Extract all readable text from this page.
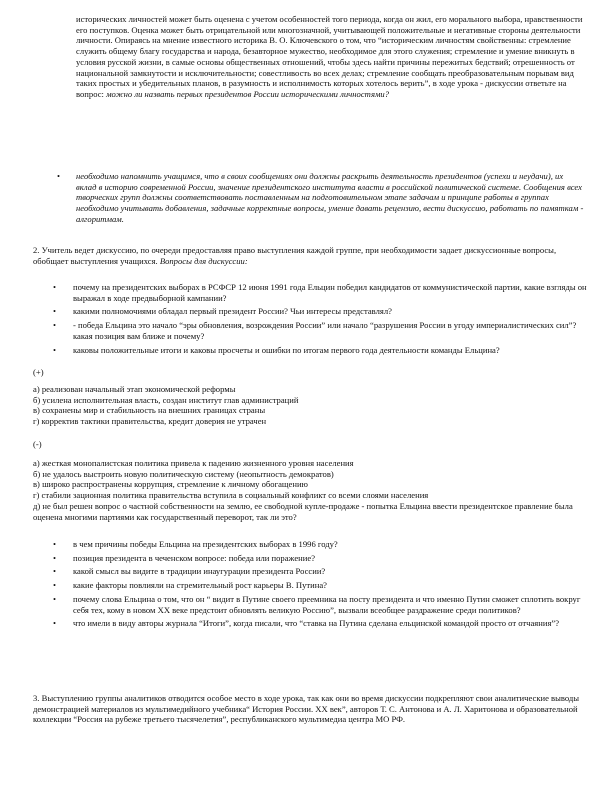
исторических личностей может быть оценена с учетом особенностей того периода, когда он жил, его морального выбора, нравственности его поступков. Оценка может быть отрицательной или многозначной, учитывающей положительные и негативные стороны деятельности личности. Опираясь на мнение известного историка В. О. Ключевского о том, что “историческим личностям свойственны: стремление служить общему благу государства и народа, безавторное мужество, необходимое для этого служения; стремление и умение вникнуть в условия русской жизни, в самые основы общественных отношений, чтобы здесь найти причины пережитых бедствий; отрешенность от национальной замкнутости и исключительности; совестливость во всех делах; стремление сообщать преобразовательным порывам вид таких простых и убедительных планов, в разумность и исполнимость которых хотелось верить”, в ходе урока - дискуссии ответьте на вопрос: можно ли назвать первых президентов России историческими личностями?

• необходимо напомнить учащимся, что в своих сообщениях они должны раскрыть деятельность президентов (успехи и неудачи), их вклад в историю современной России, значение президентского института власти в российской политической системе. Сообщения всех творческих групп должны соответствовать поставленным на подготовительном этапе задачам и принципе работы в группах необходимо учитывать добавления, задачные корректные вопросы, умение давать рецензию, вести дискуссию, работать по памяткам - алгоритмам.

2. Учитель ведет дискуссию, по очереди предоставляя право выступления каждой группе, при необходимости задает дискуссионные вопросы, обобщает выступления учащихся. Вопросы для дискуссии:

• почему на президентских выборах в РСФСР 12 июня 1991 года Ельцин победил кандидатов от коммунистической партии, какие взгляды он выражал в ходе предвыборной кампании?
• какими полномочиями обладал первый президент России? Чьи интересы представлял?
• - победа Ельцина это начало “эры обновления, возрождения России” или начало “разрушения России в угоду империалистических сил”? какая позиция вам ближе и почему?
• каковы положительные итоги и каковы просчеты и ошибки по итогам первого года деятельности команды Ельцина?
(+)
а) реализован начальный этап экономической реформы
б) усилена исполнительная власть, создан институт глав администраций
в) сохранены мир и стабильность на внешних границах страны
г) корректив тактики правительства, кредит доверия не утрачен
(-)
а) жесткая монопалистская политика привела к падению жизненного уровня населения
б) не удалось выстроить новую политическую систему (неопытность демократов)
в) широко распространены коррупция, стремление к личному обогащению
г) стабили зационная политика правительства вступила в социальный конфликт со всеми слоями населения
д) не был решен вопрос о частной собственности на землю, ее свободной купле-продаже - попытка Ельцина ввести президентское правление была оценена многими партиями как государственный переворот, так ли это?
• в чем причины победы Ельцина на президентских выборах в 1996 году?
• позиция президента в чеченском вопросе: победа или поражение?
• какой смысл вы видите в традиции инаугурации президента России?
• какие факторы повлияли на стремительный рост карьеры В. Путина?
• почему слова Ельцина о том, что он “ видит в Путине своего преемника на посту президента и что именно Путин сможет сплотить вокруг себя тех, кому в новом XX веке предстоит обновлять великую Россию”, вызвали всеобщее раздражение среди политиков?
• что имели в виду авторы журнала “Итоги”, когда писали, что “ставка на Путина сделана ельцинской командой просто от отчаяния”?

3. Выступлению группы аналитиков отводится особое место в ходе урока, так как они во время дискуссии подкрепляют свои аналитические выводы демонстрацией материалов из мультимедийного учебника“ История России. XX век”, авторов Т. С. Антонова и А. Л. Харитонова и образовательной коллекции “Россия на рубеже третьего тысячелетия”, республиканского мультимедиа центра МО РФ.
